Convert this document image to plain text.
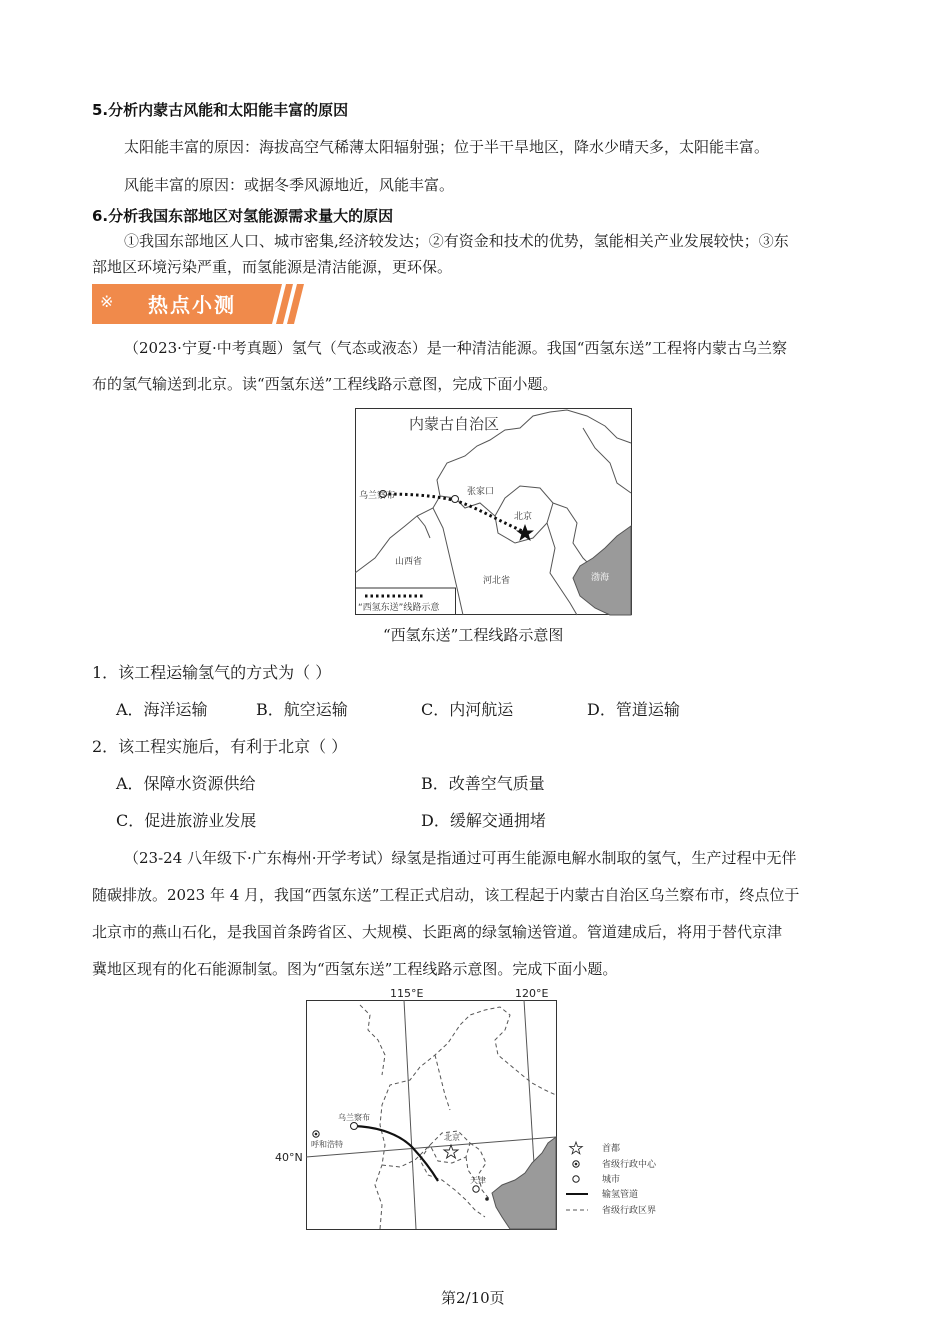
5.分析内蒙古风能和太阳能丰富的原因
太阳能丰富的原因：海拔高空气稀薄太阳辐射强；位于半干旱地区，降水少晴天多，太阳能丰富。
风能丰富的原因：或据冬季风源地近，风能丰富。
6.分析我国东部地区对氢能源需求量大的原因
①我国东部地区人口、城市密集,经济较发达；②有资金和技术的优势，氢能相关产业发展较快；③东
部地区环境污染严重，而氢能源是清洁能源，更环保。
※ 热点小测
（2023·宁夏·中考真题）氢气（气态或液态）是一种清洁能源。我国“西氢东送”工程将内蒙古乌兰察
布的氢气输送到北京。读“西氢东送”工程线路示意图，完成下面小题。
内蒙古自治区
乌兰察布	张家口
北京
山西省
河北省	渤海
“西氢东送”线路示意
“西氢东送”工程线路示意图
1．该工程运输氢气的方式为（ ）
A．海洋运输	B．航空运输	C．内河航运	D．管道运输
2．该工程实施后，有利于北京（ ）
A．保障水资源供给	B．改善空气质量
C．促进旅游业发展	D．缓解交通拥堵
（23-24 八年级下·广东梅州·开学考试）绿氢是指通过可再生能源电解水制取的氢气，生产过程中无伴
随碳排放。2023 年 4 月，我国“西氢东送”工程正式启动，该工程起于内蒙古自治区乌兰察布市，终点位于
北京市的燕山石化，是我国首条跨省区、大规模、长距离的绿氢输送管道。管道建成后，将用于替代京津
冀地区现有的化石能源制氢。图为“西氢东送”工程线路示意图。完成下面小题。
115°E	120°E
40°N
乌兰察布
呼和浩特
北京
天津
首都
省级行政中心
城市
输氢管道
省级行政区界
第2/10页
